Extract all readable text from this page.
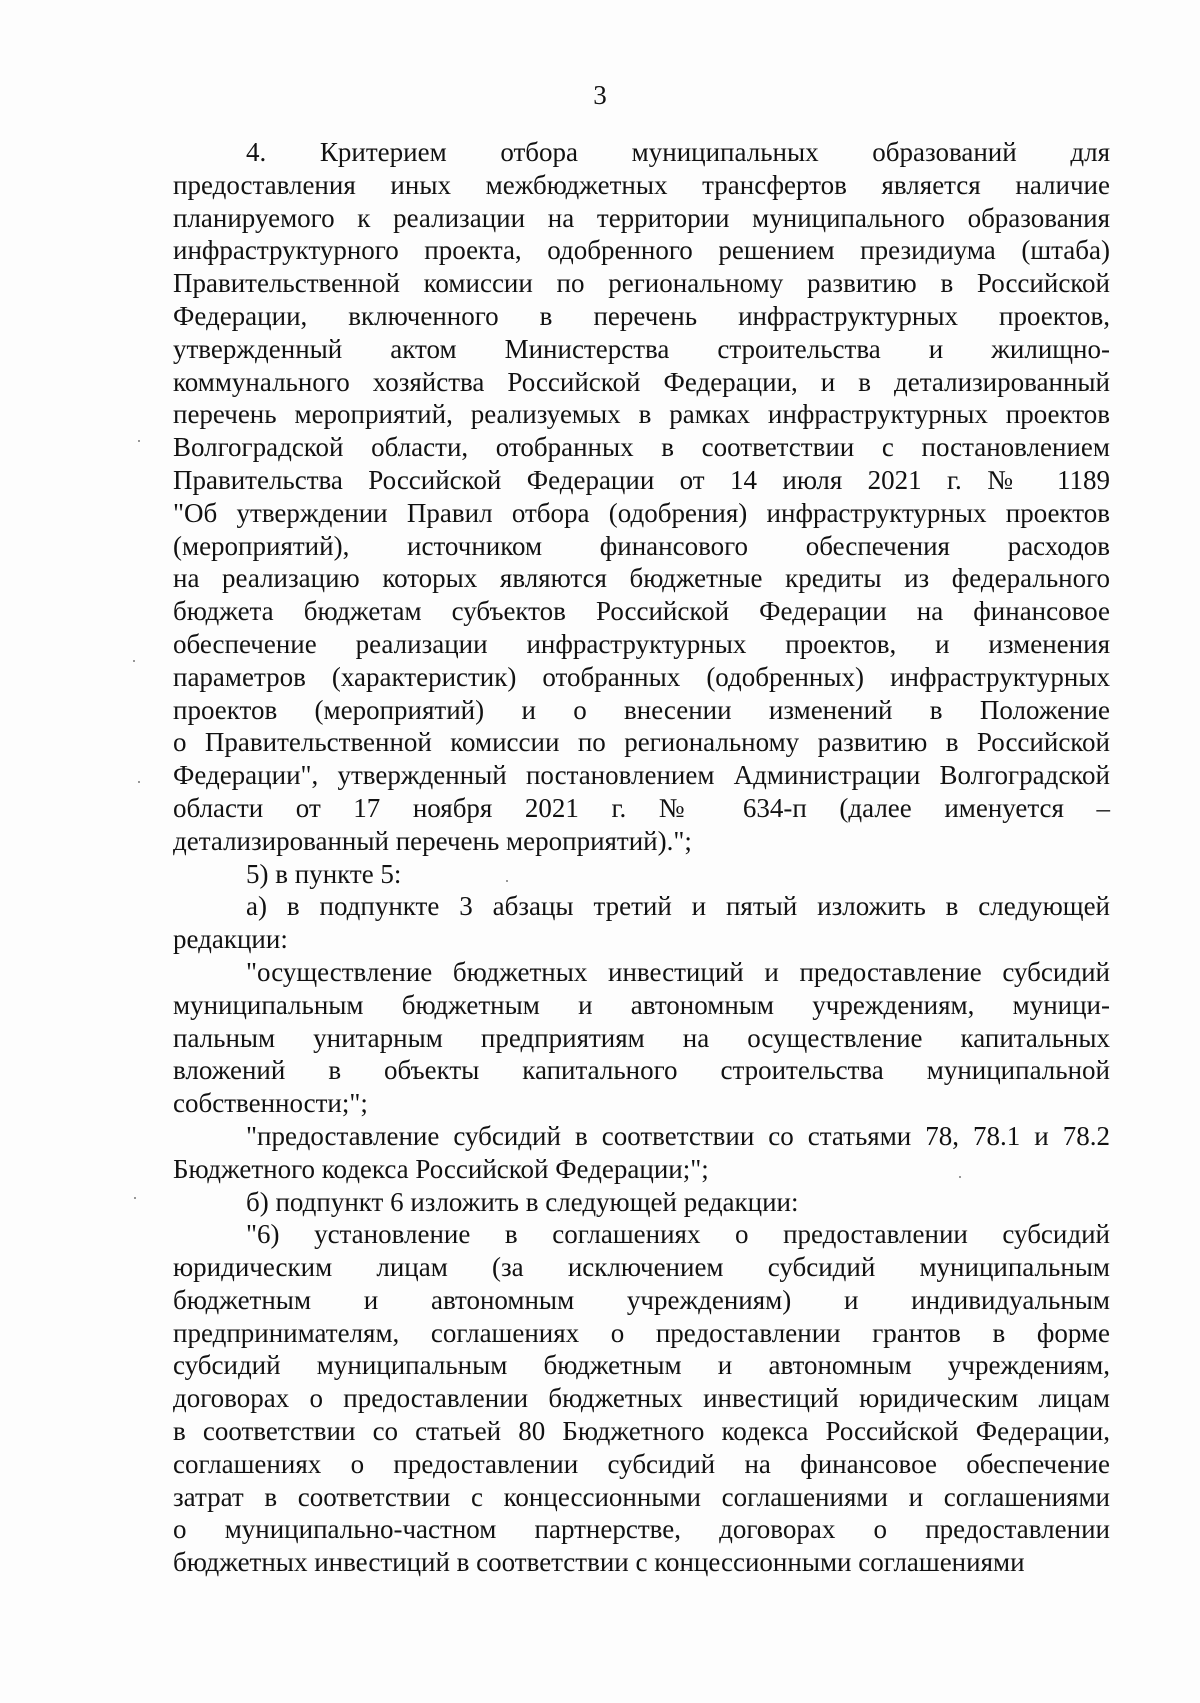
3
4. Критерием отбора муниципальных образований для
предоставления иных межбюджетных трансфертов является наличие
планируемого к реализации на территории муниципального образования
инфраструктурного проекта, одобренного решением президиума (штаба)
Правительственной комиссии по региональному развитию в Российской
Федерации, включенного в перечень инфраструктурных проектов,
утвержденный актом Министерства строительства и жилищно-
коммунального хозяйства Российской Федерации, и в детализированный
перечень мероприятий, реализуемых в рамках инфраструктурных проектов
Волгоградской области, отобранных в соответствии с постановлением
Правительства Российской Федерации от 14 июля 2021 г. № 1189
"Об утверждении Правил отбора (одобрения) инфраструктурных проектов
(мероприятий), источником финансового обеспечения расходов
на реализацию которых являются бюджетные кредиты из федерального
бюджета бюджетам субъектов Российской Федерации на финансовое
обеспечение реализации инфраструктурных проектов, и изменения
параметров (характеристик) отобранных (одобренных) инфраструктурных
проектов (мероприятий) и о внесении изменений в Положение
о Правительственной комиссии по региональному развитию в Российской
Федерации", утвержденный постановлением Администрации Волгоградской
области от 17 ноября 2021 г. № 634-п (далее именуется –
детализированный перечень мероприятий).";
5) в пункте 5:
а) в подпункте 3 абзацы третий и пятый изложить в следующей
редакции:
"осуществление бюджетных инвестиций и предоставление субсидий
муниципальным бюджетным и автономным учреждениям, муници-
пальным унитарным предприятиям на осуществление капитальных
вложений в объекты капитального строительства муниципальной
собственности;";
"предоставление субсидий в соответствии со статьями 78, 78.1 и 78.2
Бюджетного кодекса Российской Федерации;";
б) подпункт 6 изложить в следующей редакции:
"6) установление в соглашениях о предоставлении субсидий
юридическим лицам (за исключением субсидий муниципальным
бюджетным и автономным учреждениям) и индивидуальным
предпринимателям, соглашениях о предоставлении грантов в форме
субсидий муниципальным бюджетным и автономным учреждениям,
договорах о предоставлении бюджетных инвестиций юридическим лицам
в соответствии со статьей 80 Бюджетного кодекса Российской Федерации,
соглашениях о предоставлении субсидий на финансовое обеспечение
затрат в соответствии с концессионными соглашениями и соглашениями
о муниципально-частном партнерстве, договорах о предоставлении
бюджетных инвестиций в соответствии с концессионными соглашениями
